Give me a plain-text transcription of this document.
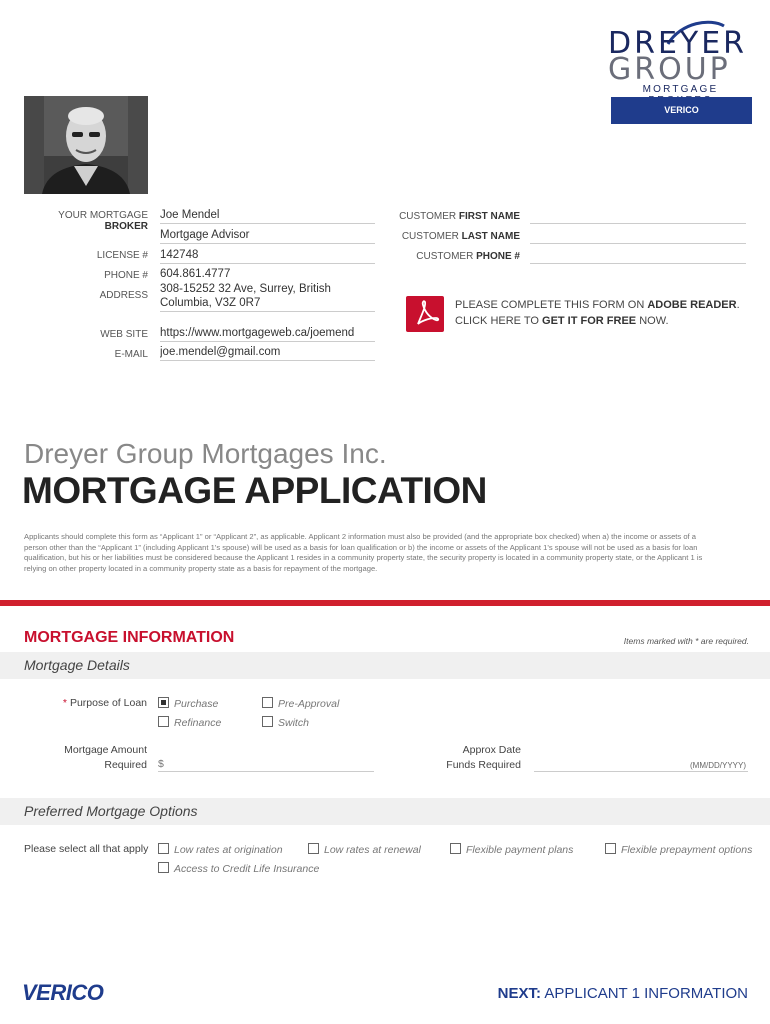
DREYER
GROUP
MORTGAGE
VERICO
YOUR MORTGAGE BROKER
Joe Mendel
Mortgage Advisor
LICENSE # 142748
PHONE # 604.861.4777
ADDRESS
308-15252 32 Ave, Surrey, British
Columbia, V3Z 0R7
WEB SITE https://www.mortgageweb.ca/joemend
E-MAIL joe.mendel@gmail.com
CUSTOMER FIRST NAME
CUSTOMER LAST NAME
CUSTOMER PHONE #
PLEASE COMPLETE THIS FORM ON ADOBE READER.
CLICK HERE TO GET IT FOR FREE NOW.
Dreyer Group Mortgages Inc.
MORTGAGE APPLICATION
Applicants should complete this form as “Applicant 1” or “Applicant 2”, as applicable. Applicant 2 information must also be provided (and the appropriate box checked) when a) the income or assets of a person other than the “Applicant 1” (including Applicant 1’s spouse) will be used as a basis for loan qualification or b) the income or assets of the Applicant 1’s spouse will not be used as a basis for loan qualification, but his or her liabilities must be considered because the Applicant 1 resides in a community property state, the security property is located in a community property state, or the Applicant 1 is relying on other property located in a community property state as a basis for repayment of the mortgage.
MORTGAGE INFORMATION	Items marked with * are required.
Mortgage Details
* Purpose of Loan	Purchase	Pre-Approval
Refinance	Switch
Mortgage Amount
Required $
Approx Date
Funds Required	(MM/DD/YYYY)
Preferred Mortgage Options
Please select all that apply	Low rates at origination	Low rates at renewal	Flexible payment plans	Flexible prepayment options
Access to Credit Life Insurance
VERICO	NEXT: APPLICANT 1 INFORMATION
